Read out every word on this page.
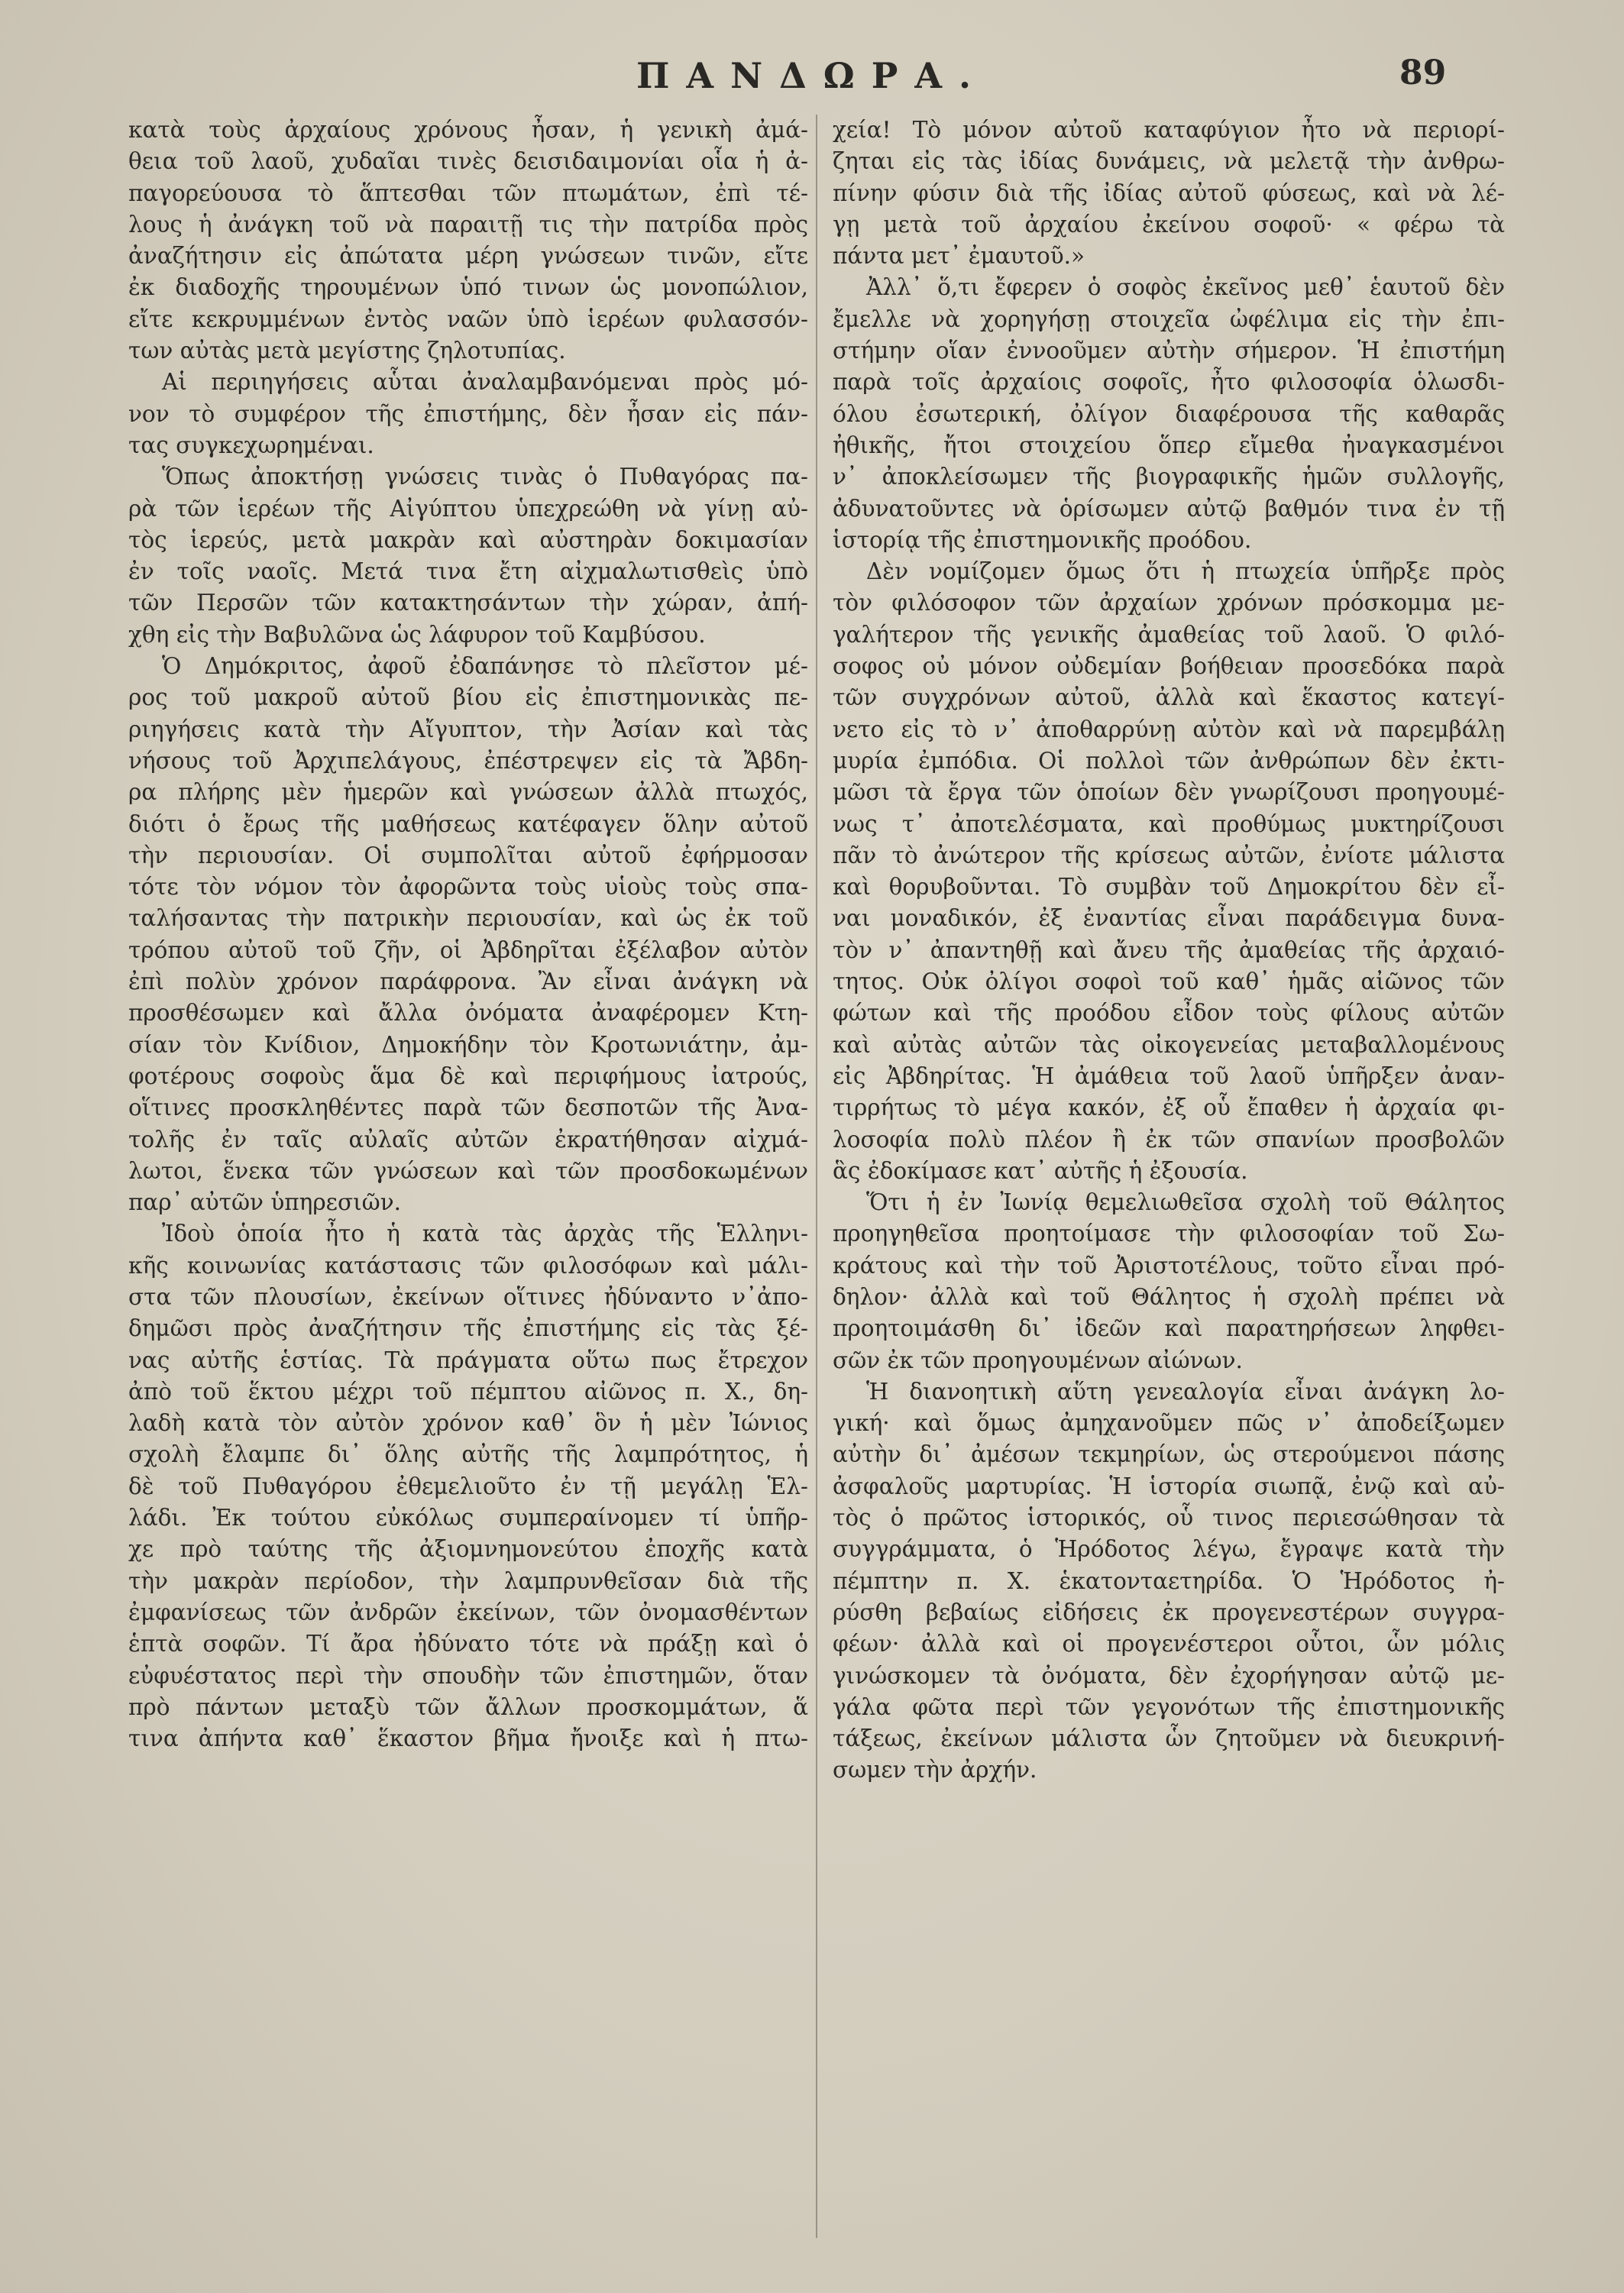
ΠΑΝΔΩΡΑ.	89
κατὰ τοὺς ἀρχαίους χρόνους ἦσαν, ἡ γενικὴ ἀμά-
θεια τοῦ λαοῦ, χυδαῖαι τινὲς δεισιδαιμονίαι οἷα ἡ ἀ-
παγορεύουσα τὸ ἅπτεσθαι τῶν πτωμάτων, ἐπὶ τέ-
λους ἡ ἀνάγκη τοῦ νὰ παραιτῇ τις τὴν πατρίδα πρὸς
ἀναζήτησιν εἰς ἀπώτατα μέρη γνώσεων τινῶν, εἴτε
ἐκ διαδοχῆς τηρουμένων ὑπό τινων ὡς μονοπώλιον,
εἴτε κεκρυμμένων ἐντὸς ναῶν ὑπὸ ἱερέων φυλασσόν-
των αὐτὰς μετὰ μεγίστης ζηλοτυπίας.
Αἱ περιηγήσεις αὗται ἀναλαμβανόμεναι πρὸς μό-
νον τὸ συμφέρον τῆς ἐπιστήμης, δὲν ἦσαν εἰς πάν-
τας συγκεχωρημέναι.
Ὅπως ἀποκτήσῃ γνώσεις τινὰς ὁ Πυθαγόρας πα-
ρὰ τῶν ἱερέων τῆς Αἰγύπτου ὑπεχρεώθη νὰ γίνῃ αὐ-
τὸς ἱερεύς, μετὰ μακρὰν καὶ αὐστηρὰν δοκιμασίαν
ἐν τοῖς ναοῖς. Μετά τινα ἔτη αἰχμαλωτισθεὶς ὑπὸ
τῶν Περσῶν τῶν κατακτησάντων τὴν χώραν, ἀπή-
χθη εἰς τὴν Βαβυλῶνα ὡς λάφυρον τοῦ Καμβύσου.
Ὁ Δημόκριτος, ἀφοῦ ἐδαπάνησε τὸ πλεῖστον μέ-
ρος τοῦ μακροῦ αὐτοῦ βίου εἰς ἐπιστημονικὰς πε-
ριηγήσεις κατὰ τὴν Αἴγυπτον, τὴν Ἀσίαν καὶ τὰς
νήσους τοῦ Ἀρχιπελάγους, ἐπέστρεψεν εἰς τὰ Ἄβδη-
ρα πλήρης μὲν ἡμερῶν καὶ γνώσεων ἀλλὰ πτωχός,
διότι ὁ ἔρως τῆς μαθήσεως κατέφαγεν ὅλην αὐτοῦ
τὴν περιουσίαν. Οἱ συμπολῖται αὐτοῦ ἐφήρμοσαν
τότε τὸν νόμον τὸν ἀφορῶντα τοὺς υἱοὺς τοὺς σπα-
ταλήσαντας τὴν πατρικὴν περιουσίαν, καὶ ὡς ἐκ τοῦ
τρόπου αὐτοῦ τοῦ ζῆν, οἱ Ἀβδηρῖται ἐξέλαβον αὐτὸν
ἐπὶ πολὺν χρόνον παράφρονα. Ἂν εἶναι ἀνάγκη νὰ
προσθέσωμεν καὶ ἄλλα ὀνόματα ἀναφέρομεν Κτη-
σίαν τὸν Κνίδιον, Δημοκήδην τὸν Κροτωνιάτην, ἀμ-
φοτέρους σοφοὺς ἅμα δὲ καὶ περιφήμους ἰατρούς,
οἵτινες προσκληθέντες παρὰ τῶν δεσποτῶν τῆς Ἀνα-
τολῆς ἐν ταῖς αὐλαῖς αὐτῶν ἐκρατήθησαν αἰχμά-
λωτοι, ἕνεκα τῶν γνώσεων καὶ τῶν προσδοκωμένων
παρ᾽ αὐτῶν ὑπηρεσιῶν.
Ἰδοὺ ὁποία ἦτο ἡ κατὰ τὰς ἀρχὰς τῆς Ἑλληνι-
κῆς κοινωνίας κατάστασις τῶν φιλοσόφων καὶ μάλι-
στα τῶν πλουσίων, ἐκείνων οἵτινες ἠδύναντο ν᾽ἀπο-
δημῶσι πρὸς ἀναζήτησιν τῆς ἐπιστήμης εἰς τὰς ξέ-
νας αὐτῆς ἑστίας. Τὰ πράγματα οὕτω πως ἔτρεχον
ἀπὸ τοῦ ἕκτου μέχρι τοῦ πέμπτου αἰῶνος π. Χ., δη-
λαδὴ κατὰ τὸν αὐτὸν χρόνον καθ᾽ ὃν ἡ μὲν Ἰώνιος
σχολὴ ἔλαμπε δι᾽ ὅλης αὐτῆς τῆς λαμπρότητος, ἡ
δὲ τοῦ Πυθαγόρου ἐθεμελιοῦτο ἐν τῇ μεγάλῃ Ἑλ-
λάδι. Ἐκ τούτου εὐκόλως συμπεραίνομεν τί ὑπῆρ-
χε πρὸ ταύτης τῆς ἀξιομνημονεύτου ἐποχῆς κατὰ
τὴν μακρὰν περίοδον, τὴν λαμπρυνθεῖσαν διὰ τῆς
ἐμφανίσεως τῶν ἀνδρῶν ἐκείνων, τῶν ὀνομασθέντων
ἑπτὰ σοφῶν. Τί ἄρα ἠδύνατο τότε νὰ πράξῃ καὶ ὁ
εὐφυέστατος περὶ τὴν σπουδὴν τῶν ἐπιστημῶν, ὅταν
πρὸ πάντων μεταξὺ τῶν ἄλλων προσκομμάτων, ἅ
τινα ἀπήντα καθ᾽ ἕκαστον βῆμα ἤνοιξε καὶ ἡ πτω-
χεία! Τὸ μόνον αὐτοῦ καταφύγιον ἦτο νὰ περιορί-
ζηται εἰς τὰς ἰδίας δυνάμεις, νὰ μελετᾷ τὴν ἀνθρω-
πίνην φύσιν διὰ τῆς ἰδίας αὐτοῦ φύσεως, καὶ νὰ λέ-
γῃ μετὰ τοῦ ἀρχαίου ἐκείνου σοφοῦ· « φέρω τὰ
πάντα μετ᾽ ἐμαυτοῦ.»
Ἀλλ᾽ ὅ,τι ἔφερεν ὁ σοφὸς ἐκεῖνος μεθ᾽ ἑαυτοῦ δὲν
ἔμελλε νὰ χορηγήσῃ στοιχεῖα ὠφέλιμα εἰς τὴν ἐπι-
στήμην οἵαν ἐννοοῦμεν αὐτὴν σήμερον. Ἡ ἐπιστήμη
παρὰ τοῖς ἀρχαίοις σοφοῖς, ἦτο φιλοσοφία ὁλωσδι-
όλου ἐσωτερική, ὀλίγον διαφέρουσα τῆς καθαρᾶς
ἠθικῆς, ἤτοι στοιχείου ὅπερ εἴμεθα ἠναγκασμένοι
ν᾽ ἀποκλείσωμεν τῆς βιογραφικῆς ἡμῶν συλλογῆς,
ἀδυνατοῦντες νὰ ὁρίσωμεν αὐτῷ βαθμόν τινα ἐν τῇ
ἱστορίᾳ τῆς ἐπιστημονικῆς προόδου.
Δὲν νομίζομεν ὅμως ὅτι ἡ πτωχεία ὑπῆρξε πρὸς
τὸν φιλόσοφον τῶν ἀρχαίων χρόνων πρόσκομμα με-
γαλήτερον τῆς γενικῆς ἀμαθείας τοῦ λαοῦ. Ὁ φιλό-
σοφος οὐ μόνον οὐδεμίαν βοήθειαν προσεδόκα παρὰ
τῶν συγχρόνων αὐτοῦ, ἀλλὰ καὶ ἕκαστος κατεγί-
νετο εἰς τὸ ν᾽ ἀποθαρρύνῃ αὐτὸν καὶ νὰ παρεμβάλῃ
μυρία ἐμπόδια. Οἱ πολλοὶ τῶν ἀνθρώπων δὲν ἐκτι-
μῶσι τὰ ἔργα τῶν ὁποίων δὲν γνωρίζουσι προηγουμέ-
νως τ᾽ ἀποτελέσματα, καὶ προθύμως μυκτηρίζουσι
πᾶν τὸ ἀνώτερον τῆς κρίσεως αὐτῶν, ἐνίοτε μάλιστα
καὶ θορυβοῦνται. Τὸ συμβὰν τοῦ Δημοκρίτου δὲν εἶ-
ναι μοναδικόν, ἐξ ἐναντίας εἶναι παράδειγμα δυνα-
τὸν ν᾽ ἀπαντηθῇ καὶ ἄνευ τῆς ἀμαθείας τῆς ἀρχαιό-
τητος. Οὐκ ὀλίγοι σοφοὶ τοῦ καθ᾽ ἡμᾶς αἰῶνος τῶν
φώτων καὶ τῆς προόδου εἶδον τοὺς φίλους αὐτῶν
καὶ αὐτὰς αὐτῶν τὰς οἰκογενείας μεταβαλλομένους
εἰς Ἀβδηρίτας. Ἡ ἀμάθεια τοῦ λαοῦ ὑπῆρξεν ἀναν-
τιρρήτως τὸ μέγα κακόν, ἐξ οὗ ἔπαθεν ἡ ἀρχαία φι-
λοσοφία πολὺ πλέον ἢ ἐκ τῶν σπανίων προσβολῶν
ἃς ἐδοκίμασε κατ᾽ αὐτῆς ἡ ἐξουσία.
Ὅτι ἡ ἐν Ἰωνίᾳ θεμελιωθεῖσα σχολὴ τοῦ Θάλητος
προηγηθεῖσα προητοίμασε τὴν φιλοσοφίαν τοῦ Σω-
κράτους καὶ τὴν τοῦ Ἀριστοτέλους, τοῦτο εἶναι πρό-
δηλον· ἀλλὰ καὶ τοῦ Θάλητος ἡ σχολὴ πρέπει νὰ
προητοιμάσθη δι᾽ ἰδεῶν καὶ παρατηρήσεων ληφθει-
σῶν ἐκ τῶν προηγουμένων αἰώνων.
Ἡ διανοητικὴ αὕτη γενεαλογία εἶναι ἀνάγκη λο-
γική· καὶ ὅμως ἀμηχανοῦμεν πῶς ν᾽ ἀποδείξωμεν
αὐτὴν δι᾽ ἀμέσων τεκμηρίων, ὡς στερούμενοι πάσης
ἀσφαλοῦς μαρτυρίας. Ἡ ἱστορία σιωπᾷ, ἐνῷ καὶ αὐ-
τὸς ὁ πρῶτος ἱστορικός, οὗ τινος περιεσώθησαν τὰ
συγγράμματα, ὁ Ἡρόδοτος λέγω, ἔγραψε κατὰ τὴν
πέμπτην π. Χ. ἑκατονταετηρίδα. Ὁ Ἡρόδοτος ἠ-
ρύσθη βεβαίως εἰδήσεις ἐκ προγενεστέρων συγγρα-
φέων· ἀλλὰ καὶ οἱ προγενέστεροι οὗτοι, ὧν μόλις
γινώσκομεν τὰ ὀνόματα, δὲν ἐχορήγησαν αὐτῷ με-
γάλα φῶτα περὶ τῶν γεγονότων τῆς ἐπιστημονικῆς
τάξεως, ἐκείνων μάλιστα ὧν ζητοῦμεν νὰ διευκρινή-
σωμεν τὴν ἀρχήν.
